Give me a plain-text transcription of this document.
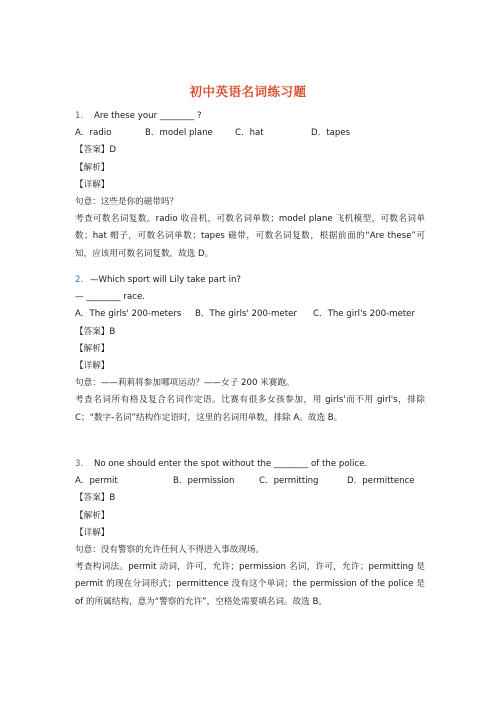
初中英语名词练习题
1. Are these your ________ ?
A．radio	B．model plane	C．hat	D．tapes
【答案】D
【解析】
【详解】
句意：这些是你的磁带吗？
考查可数名词复数。radio 收音机，可数名词单数；model plane 飞机模型，可数名词单数；hat 帽子，可数名词单数；tapes 磁带，可数名词复数，根据前面的“Are these”可知，应该用可数名词复数，故选 D。
2. —Which sport will Lily take part in?
— ________ race.
A．The girls' 200-meters	B．The girls' 200-meter	C．The girl's 200-meter
【答案】B
【解析】
【详解】
句意：——莉莉将参加哪项运动？——女子 200 米赛跑。
考查名词所有格及复合名词作定语。比赛有很多女孩参加，用 girls'而不用 girl's，排除 C；“数字-名词”结构作定语时，这里的名词用单数，排除 A。故选 B。
3. No one should enter the spot without the ________ of the police.
A．permit	B．permission	C．permitting	D．permittence
【答案】B
【解析】
【详解】
句意：没有警察的允许任何人不得进入事故现场。
考查构词法。permit 动词，许可，允许；permission 名词，许可，允许；permitting 是 permit 的现在分词形式；permittence 没有这个单词；the permission of the police 是 of 的所属结构，意为“警察的允许”，空格处需要填名词。故选 B。
